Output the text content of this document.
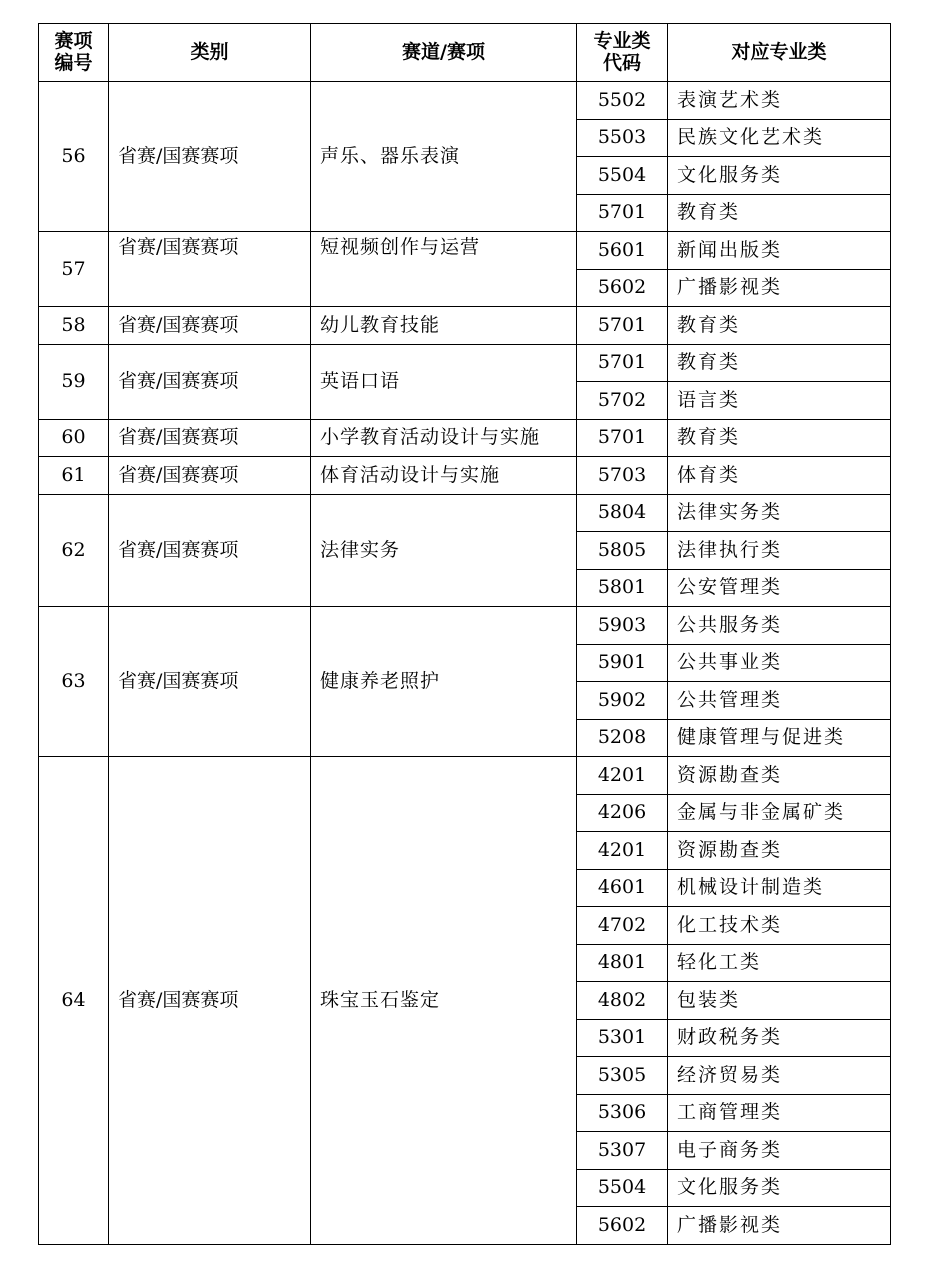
赛项编号	类别	赛道/赛项	专业类代码	对应专业类
56	省赛/国赛赛项	声乐、器乐表演	5502	表演艺术类
			5503	民族文化艺术类
			5504	文化服务类
			5701	教育类
57	省赛/国赛赛项	短视频创作与运营	5601	新闻出版类
			5602	广播影视类
58	省赛/国赛赛项	幼儿教育技能	5701	教育类
59	省赛/国赛赛项	英语口语	5701	教育类
			5702	语言类
60	省赛/国赛赛项	小学教育活动设计与实施	5701	教育类
61	省赛/国赛赛项	体育活动设计与实施	5703	体育类
62	省赛/国赛赛项	法律实务	5804	法律实务类
			5805	法律执行类
			5801	公安管理类
63	省赛/国赛赛项	健康养老照护	5903	公共服务类
			5901	公共事业类
			5902	公共管理类
			5208	健康管理与促进类
64	省赛/国赛赛项	珠宝玉石鉴定	4201	资源勘查类
			4206	金属与非金属矿类
			4201	资源勘查类
			4601	机械设计制造类
			4702	化工技术类
			4801	轻化工类
			4802	包装类
			5301	财政税务类
			5305	经济贸易类
			5306	工商管理类
			5307	电子商务类
			5504	文化服务类
			5602	广播影视类
